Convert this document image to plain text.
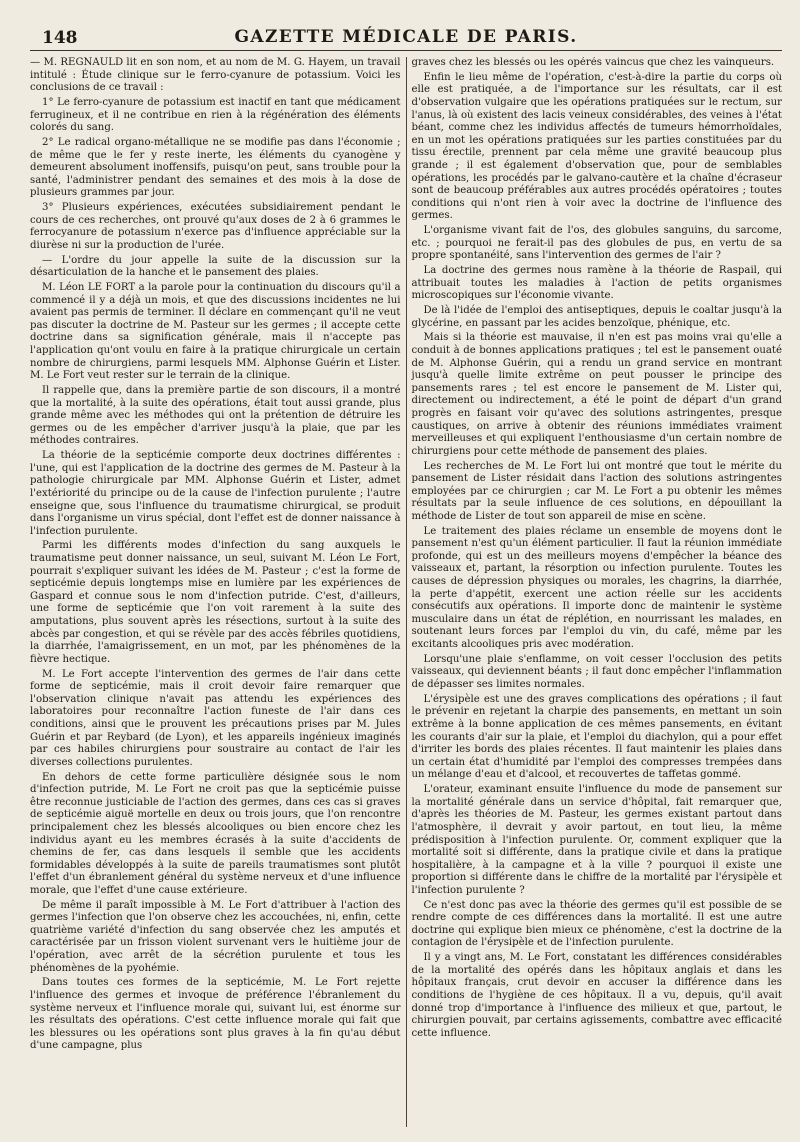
148	GAZETTE MÉDICALE DE PARIS.

— M. REGNAULD lit en son nom, et au nom de M. G. Hayem, un travail intitulé : Étude clinique sur le ferro-cyanure de potassium. Voici les conclusions de ce travail :

1° Le ferro-cyanure de potassium est inactif en tant que médicament ferrugineux, et il ne contribue en rien à la régénération des éléments colorés du sang.

2° Le radical organo-métallique ne se modifie pas dans l'économie ; de même que le fer y reste inerte, les éléments du cyanogène y demeurent absolument inoffensifs, puisqu'on peut, sans trouble pour la santé, l'administrer pendant des semaines et des mois à la dose de plusieurs grammes par jour.

3° Plusieurs expériences, exécutées subsidiairement pendant le cours de ces recherches, ont prouvé qu'aux doses de 2 à 6 grammes le ferrocyanure de potassium n'exerce pas d'influence appréciable sur la diurèse ni sur la production de l'urée.

— L'ordre du jour appelle la suite de la discussion sur la désarticulation de la hanche et le pansement des plaies.

M. Léon LE FORT a la parole pour la continuation du discours qu'il a commencé il y a déjà un mois, et que des discussions incidentes ne lui avaient pas permis de terminer. Il déclare en commençant qu'il ne veut pas discuter la doctrine de M. Pasteur sur les germes ; il accepte cette doctrine dans sa signification générale, mais il n'accepte pas l'application qu'ont voulu en faire à la pratique chirurgicale un certain nombre de chirurgiens, parmi lesquels MM. Alphonse Guérin et Lister. M. Le Fort veut rester sur le terrain de la clinique.

Il rappelle que, dans la première partie de son discours, il a montré que la mortalité, à la suite des opérations, était tout aussi grande, plus grande même avec les méthodes qui ont la prétention de détruire les germes ou de les empêcher d'arriver jusqu'à la plaie, que par les méthodes contraires.

La théorie de la septicémie comporte deux doctrines différentes : l'une, qui est l'application de la doctrine des germes de M. Pasteur à la pathologie chirurgicale par MM. Alphonse Guérin et Lister, admet l'extériorité du principe ou de la cause de l'infection purulente ; l'autre enseigne que, sous l'influence du traumatisme chirurgical, se produit dans l'organisme un virus spécial, dont l'effet est de donner naissance à l'infection purulente.

Parmi les différents modes d'infection du sang auxquels le traumatisme peut donner naissance, un seul, suivant M. Léon Le Fort, pourrait s'expliquer suivant les idées de M. Pasteur ; c'est la forme de septicémie depuis longtemps mise en lumière par les expériences de Gaspard et connue sous le nom d'infection putride. C'est, d'ailleurs, une forme de septicémie que l'on voit rarement à la suite des amputations, plus souvent après les résections, surtout à la suite des abcès par congestion, et qui se révèle par des accès fébriles quotidiens, la diarrhée, l'amaigrissement, en un mot, par les phénomènes de la fièvre hectique.

M. Le Fort accepte l'intervention des germes de l'air dans cette forme de septicémie, mais il croit devoir faire remarquer que l'observation clinique n'avait pas attendu les expériences des laboratoires pour reconnaître l'action funeste de l'air dans ces conditions, ainsi que le prouvent les précautions prises par M. Jules Guérin et par Reybard (de Lyon), et les appareils ingénieux imaginés par ces habiles chirurgiens pour soustraire au contact de l'air les diverses collections purulentes.

En dehors de cette forme particulière désignée sous le nom d'infection putride, M. Le Fort ne croit pas que la septicémie puisse être reconnue justiciable de l'action des germes, dans ces cas si graves de septicémie aiguë mortelle en deux ou trois jours, que l'on rencontre principalement chez les blessés alcooliques ou bien encore chez les individus ayant eu les membres écrasés à la suite d'accidents de chemins de fer, cas dans lesquels il semble que les accidents formidables développés à la suite de pareils traumatismes sont plutôt l'effet d'un ébranlement général du système nerveux et d'une influence morale, que l'effet d'une cause extérieure.

De même il paraît impossible à M. Le Fort d'attribuer à l'action des germes l'infection que l'on observe chez les accouchées, ni, enfin, cette quatrième variété d'infection du sang observée chez les amputés et caractérisée par un frisson violent survenant vers le huitième jour de l'opération, avec arrêt de la sécrétion purulente et tous les phénomènes de la pyohémie.

Dans toutes ces formes de la septicémie, M. Le Fort rejette l'influence des germes et invoque de préférence l'ébranlement du système nerveux et l'influence morale qui, suivant lui, est énorme sur les résultats des opérations. C'est cette influence morale qui fait que les blessures ou les opérations sont plus graves à la fin qu'au début d'une campagne, plus

graves chez les blessés ou les opérés vaincus que chez les vainqueurs.

Enfin le lieu même de l'opération, c'est-à-dire la partie du corps où elle est pratiquée, a de l'importance sur les résultats, car il est d'observation vulgaire que les opérations pratiquées sur le rectum, sur l'anus, là où existent des lacis veineux considérables, des veines à l'état béant, comme chez les individus affectés de tumeurs hémorrhoïdales, en un mot les opérations pratiquées sur les parties constituées par du tissu érectile, prennent par cela même une gravité beaucoup plus grande ; il est également d'observation que, pour de semblables opérations, les procédés par le galvano-cautère et la chaîne d'écraseur sont de beaucoup préférables aux autres procédés opératoires ; toutes conditions qui n'ont rien à voir avec la doctrine de l'influence des germes.

L'organisme vivant fait de l'os, des globules sanguins, du sarcome, etc. ; pourquoi ne ferait-il pas des globules de pus, en vertu de sa propre spontanéité, sans l'intervention des germes de l'air ?

La doctrine des germes nous ramène à la théorie de Raspail, qui attribuait toutes les maladies à l'action de petits organismes microscopiques sur l'économie vivante.

De là l'idée de l'emploi des antiseptiques, depuis le coaltar jusqu'à la glycérine, en passant par les acides benzoïque, phénique, etc.

Mais si la théorie est mauvaise, il n'en est pas moins vrai qu'elle a conduit à de bonnes applications pratiques ; tel est le pansement ouaté de M. Alphonse Guérin, qui a rendu un grand service en montrant jusqu'à quelle limite extrême on peut pousser le principe des pansements rares ; tel est encore le pansement de M. Lister qui, directement ou indirectement, a été le point de départ d'un grand progrès en faisant voir qu'avec des solutions astringentes, presque caustiques, on arrive à obtenir des réunions immédiates vraiment merveilleuses et qui expliquent l'enthousiasme d'un certain nombre de chirurgiens pour cette méthode de pansement des plaies.

Les recherches de M. Le Fort lui ont montré que tout le mérite du pansement de Lister résidait dans l'action des solutions astringentes employées par ce chirurgien ; car M. Le Fort a pu obtenir les mêmes résultats par la seule influence de ces solutions, en dépouillant la méthode de Lister de tout son appareil de mise en scène.

Le traitement des plaies réclame un ensemble de moyens dont le pansement n'est qu'un élément particulier. Il faut la réunion immédiate profonde, qui est un des meilleurs moyens d'empêcher la béance des vaisseaux et, partant, la résorption ou infection purulente. Toutes les causes de dépression physiques ou morales, les chagrins, la diarrhée, la perte d'appétit, exercent une action réelle sur les accidents consécutifs aux opérations. Il importe donc de maintenir le système musculaire dans un état de réplétion, en nourrissant les malades, en soutenant leurs forces par l'emploi du vin, du café, même par les excitants alcooliques pris avec modération.

Lorsqu'une plaie s'enflamme, on voit cesser l'occlusion des petits vaisseaux, qui deviennent béants ; il faut donc empêcher l'inflammation de dépasser ses limites normales.

L'érysipèle est une des graves complications des opérations ; il faut le prévenir en rejetant la charpie des pansements, en mettant un soin extrême à la bonne application de ces mêmes pansements, en évitant les courants d'air sur la plaie, et l'emploi du diachylon, qui a pour effet d'irriter les bords des plaies récentes. Il faut maintenir les plaies dans un certain état d'humidité par l'emploi des compresses trempées dans un mélange d'eau et d'alcool, et recouvertes de taffetas gommé.

L'orateur, examinant ensuite l'influence du mode de pansement sur la mortalité générale dans un service d'hôpital, fait remarquer que, d'après les théories de M. Pasteur, les germes existant partout dans l'atmosphère, il devrait y avoir partout, en tout lieu, la même prédisposition à l'infection purulente. Or, comment expliquer que la mortalité soit si différente, dans la pratique civile et dans la pratique hospitalière, à la campagne et à la ville ? pourquoi il existe une proportion si différente dans le chiffre de la mortalité par l'érysipèle et l'infection purulente ?

Ce n'est donc pas avec la théorie des germes qu'il est possible de se rendre compte de ces différences dans la mortalité. Il est une autre doctrine qui explique bien mieux ce phénomène, c'est la doctrine de la contagion de l'érysipèle et de l'infection purulente.

Il y a vingt ans, M. Le Fort, constatant les différences considérables de la mortalité des opérés dans les hôpitaux anglais et dans les hôpitaux français, crut devoir en accuser la différence dans les conditions de l'hygiène de ces hôpitaux. Il a vu, depuis, qu'il avait donné trop d'importance à l'influence des milieux et que, partout, le chirurgien pouvait, par certains agissements, combattre avec efficacité cette influence.
